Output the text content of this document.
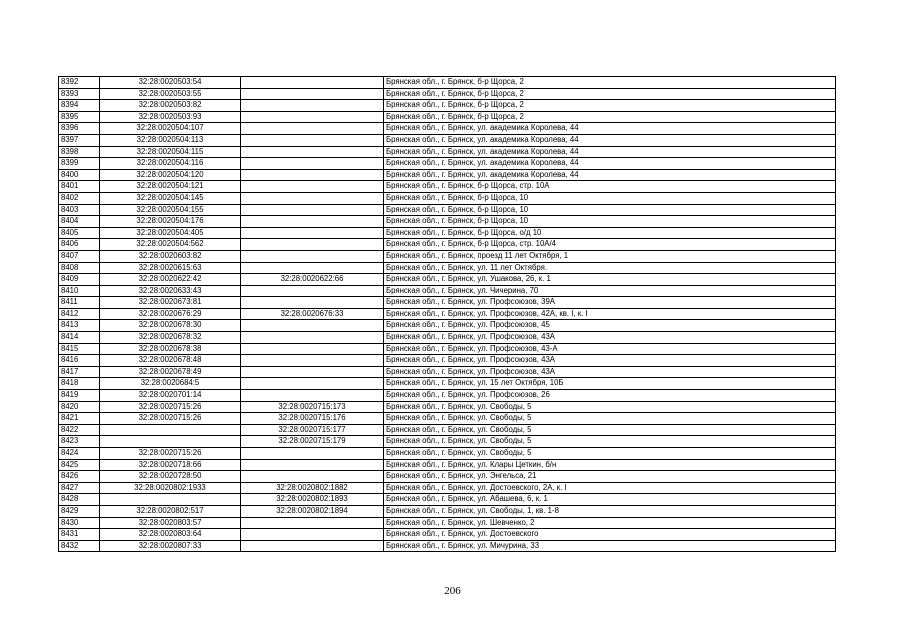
8392	32:28:0020503:54		Брянская обл., г. Брянск, б-р Щорса, 2
8393	32:28:0020503:55		Брянская обл., г. Брянск, б-р Щорса, 2
8394	32:28:0020503:82		Брянская обл., г. Брянск, б-р Щорса, 2
8395	32:28:0020503:93		Брянская обл., г. Брянск, б-р Щорса, 2
8396	32:28:0020504:107		Брянская обл., г. Брянск, ул. академика Королева, 44
8397	32:28:0020504:113		Брянская обл., г. Брянск, ул. академика Королева, 44
8398	32:28:0020504:115		Брянская обл., г. Брянск, ул. академика Королева, 44
8399	32:28:0020504:116		Брянская обл., г. Брянск, ул. академика Королева, 44
8400	32:28:0020504:120		Брянская обл., г. Брянск, ул. академика Королева, 44
8401	32:28:0020504:121		Брянская обл., г. Брянск, б-р Щорса, стр. 10А
8402	32:28:0020504:145		Брянская обл., г. Брянск, б-р Щорса, 10
8403	32:28:0020504:155		Брянская обл., г. Брянск, б-р Щорса, 10
8404	32:28:0020504:176		Брянская обл., г. Брянск, б-р Щорса, 10
8405	32:28:0020504:405		Брянская обл., г. Брянск, б-р Щорса, о/д 10
8406	32:28:0020504:562		Брянская обл., г. Брянск, б-р Щорса, стр. 10А/4
8407	32:28:0020603:82		Брянская обл., г. Брянск, проезд 11 лет Октября, 1
8408	32:28:0020615:63		Брянская обл., г. Брянск, ул. 11 лет Октября.
8409	32:28:0020622:42	32:28:0020622:66	Брянская обл., г. Брянск, ул. Ушакова, 26, к. 1
8410	32:28:0020633:43		Брянская обл., г. Брянск, ул. Чичерина, 70
8411	32:28:0020673:81		Брянская обл., г. Брянск, ул. Профсоюзов, 39А
8412	32:28:0020676:29	32:28:0020676:33	Брянская обл., г. Брянск, ул. Профсоюзов, 42А, кв. I, к. I
8413	32:28:0020678:30		Брянская обл., г. Брянск, ул. Профсоюзов, 45
8414	32:28:0020678:32		Брянская обл., г. Брянск, ул. Профсоюзов, 43А
8415	32:28:0020678:38		Брянская обл., г. Брянск, ул. Профсоюзов, 43-А
8416	32:28:0020678:48		Брянская обл., г. Брянск, ул. Профсоюзов, 43А
8417	32:28:0020678:49		Брянская обл., г. Брянск, ул. Профсоюзов, 43А
8418	32:28:0020684:5		Брянская обл., г. Брянск, ул. 15 лет Октября, 10Б
8419	32:28:0020701:14		Брянская обл., г. Брянск, ул. Профсоюзов, 26
8420	32:28:0020715:26	32:28:0020715:173	Брянская обл., г. Брянск, ул. Свободы, 5
8421	32:28:0020715:26	32:28:0020715:176	Брянская обл., г. Брянск, ул. Свободы, 5
8422		32:28:0020715:177	Брянская обл., г. Брянск, ул. Свободы, 5
8423		32:28:0020715:179	Брянская обл., г. Брянск, ул. Свободы, 5
8424	32:28:0020715:26		Брянская обл., г. Брянск, ул. Свободы, 5
8425	32:28:0020718:66		Брянская обл., г. Брянск, ул. Клары Цеткин, б/н
8426	32:28:0020728:50		Брянская обл., г. Брянск, ул. Энгельса, 21
8427	32:28:0020802:1933	32:28:0020802:1882	Брянская обл., г. Брянск, ул. Достоевского, 2А, к. I
8428		32:28:0020802:1893	Брянская обл., г. Брянск, ул. Абашева, 6, к. 1
8429	32:28:0020802:517	32:28:0020802:1894	Брянская обл., г. Брянск, ул. Свободы, 1, кв. 1-8
8430	32:28:0020803:57		Брянская обл., г. Брянск, ул. Шевченко, 2
8431	32:28:0020803:64		Брянская обл., г. Брянск, ул. Достоевского
8432	32:28:0020807:33		Брянская обл., г. Брянск, ул. Мичурина, 33
206
